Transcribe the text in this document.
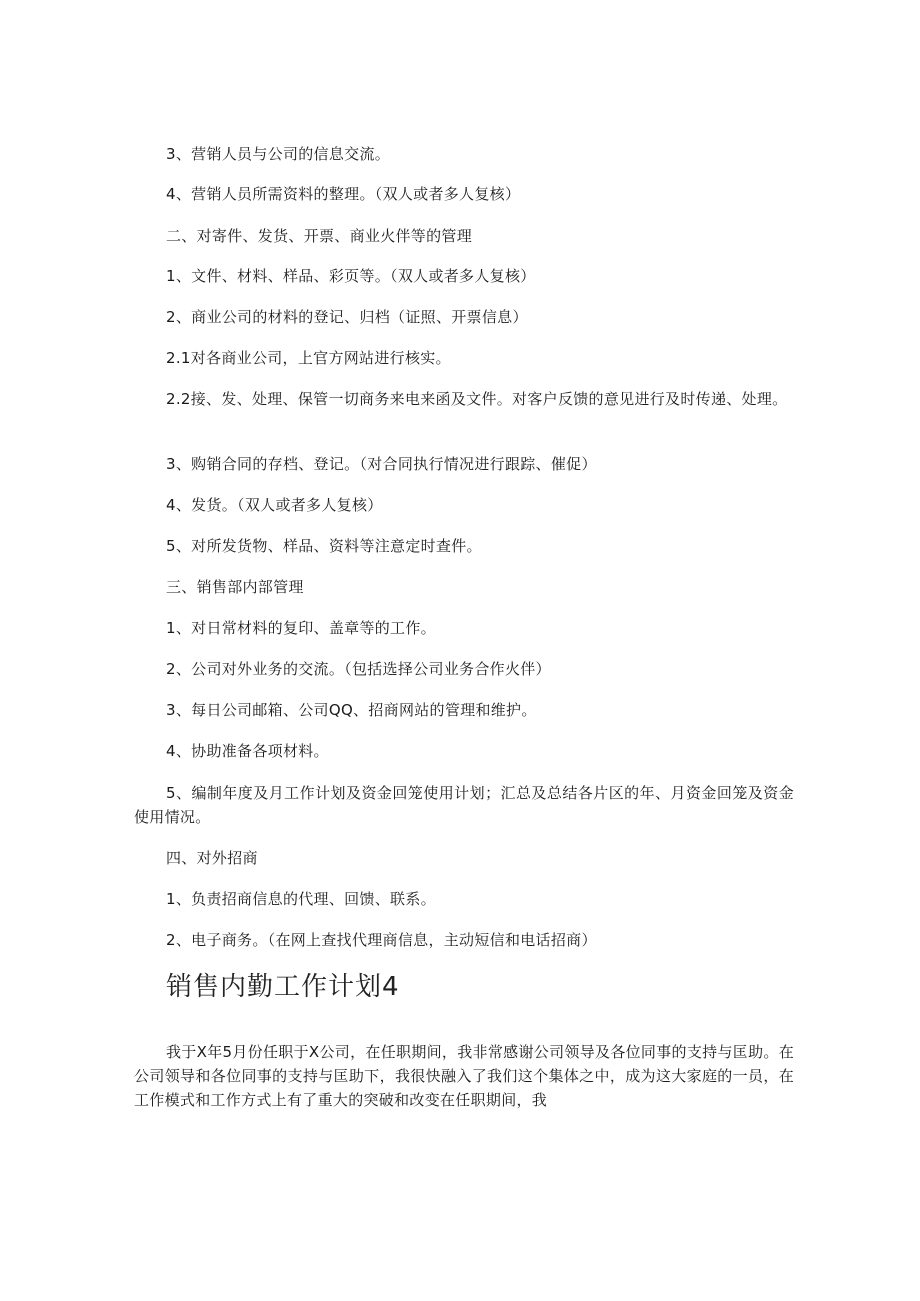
3、营销人员与公司的信息交流。
4、营销人员所需资料的整理。（双人或者多人复核）
二、对寄件、发货、开票、商业火伴等的管理
1、文件、材料、样品、彩页等。（双人或者多人复核）
2、商业公司的材料的登记、归档（证照、开票信息）
2.1对各商业公司，上官方网站进行核实。
2.2接、发、处理、保管一切商务来电来函及文件。对客户反馈的意见进行及时传递、处理。
3、购销合同的存档、登记。（对合同执行情况进行跟踪、催促）
4、发货。（双人或者多人复核）
5、对所发货物、样品、资料等注意定时查件。
三、销售部内部管理
1、对日常材料的复印、盖章等的工作。
2、公司对外业务的交流。（包括选择公司业务合作火伴）
3、每日公司邮箱、公司QQ、招商网站的管理和维护。
4、协助准备各项材料。
5、编制年度及月工作计划及资金回笼使用计划；汇总及总结各片区的年、月资金回笼及资金使用情况。
四、对外招商
1、负责招商信息的代理、回馈、联系。
2、电子商务。（在网上查找代理商信息，主动短信和电话招商）
销售内勤工作计划4
我于X年5月份任职于X公司，在任职期间，我非常感谢公司领导及各位同事的支持与匡助。在公司领导和各位同事的支持与匡助下，我很快融入了我们这个集体之中，成为这大家庭的一员，在工作模式和工作方式上有了重大的突破和改变在任职期间，我
